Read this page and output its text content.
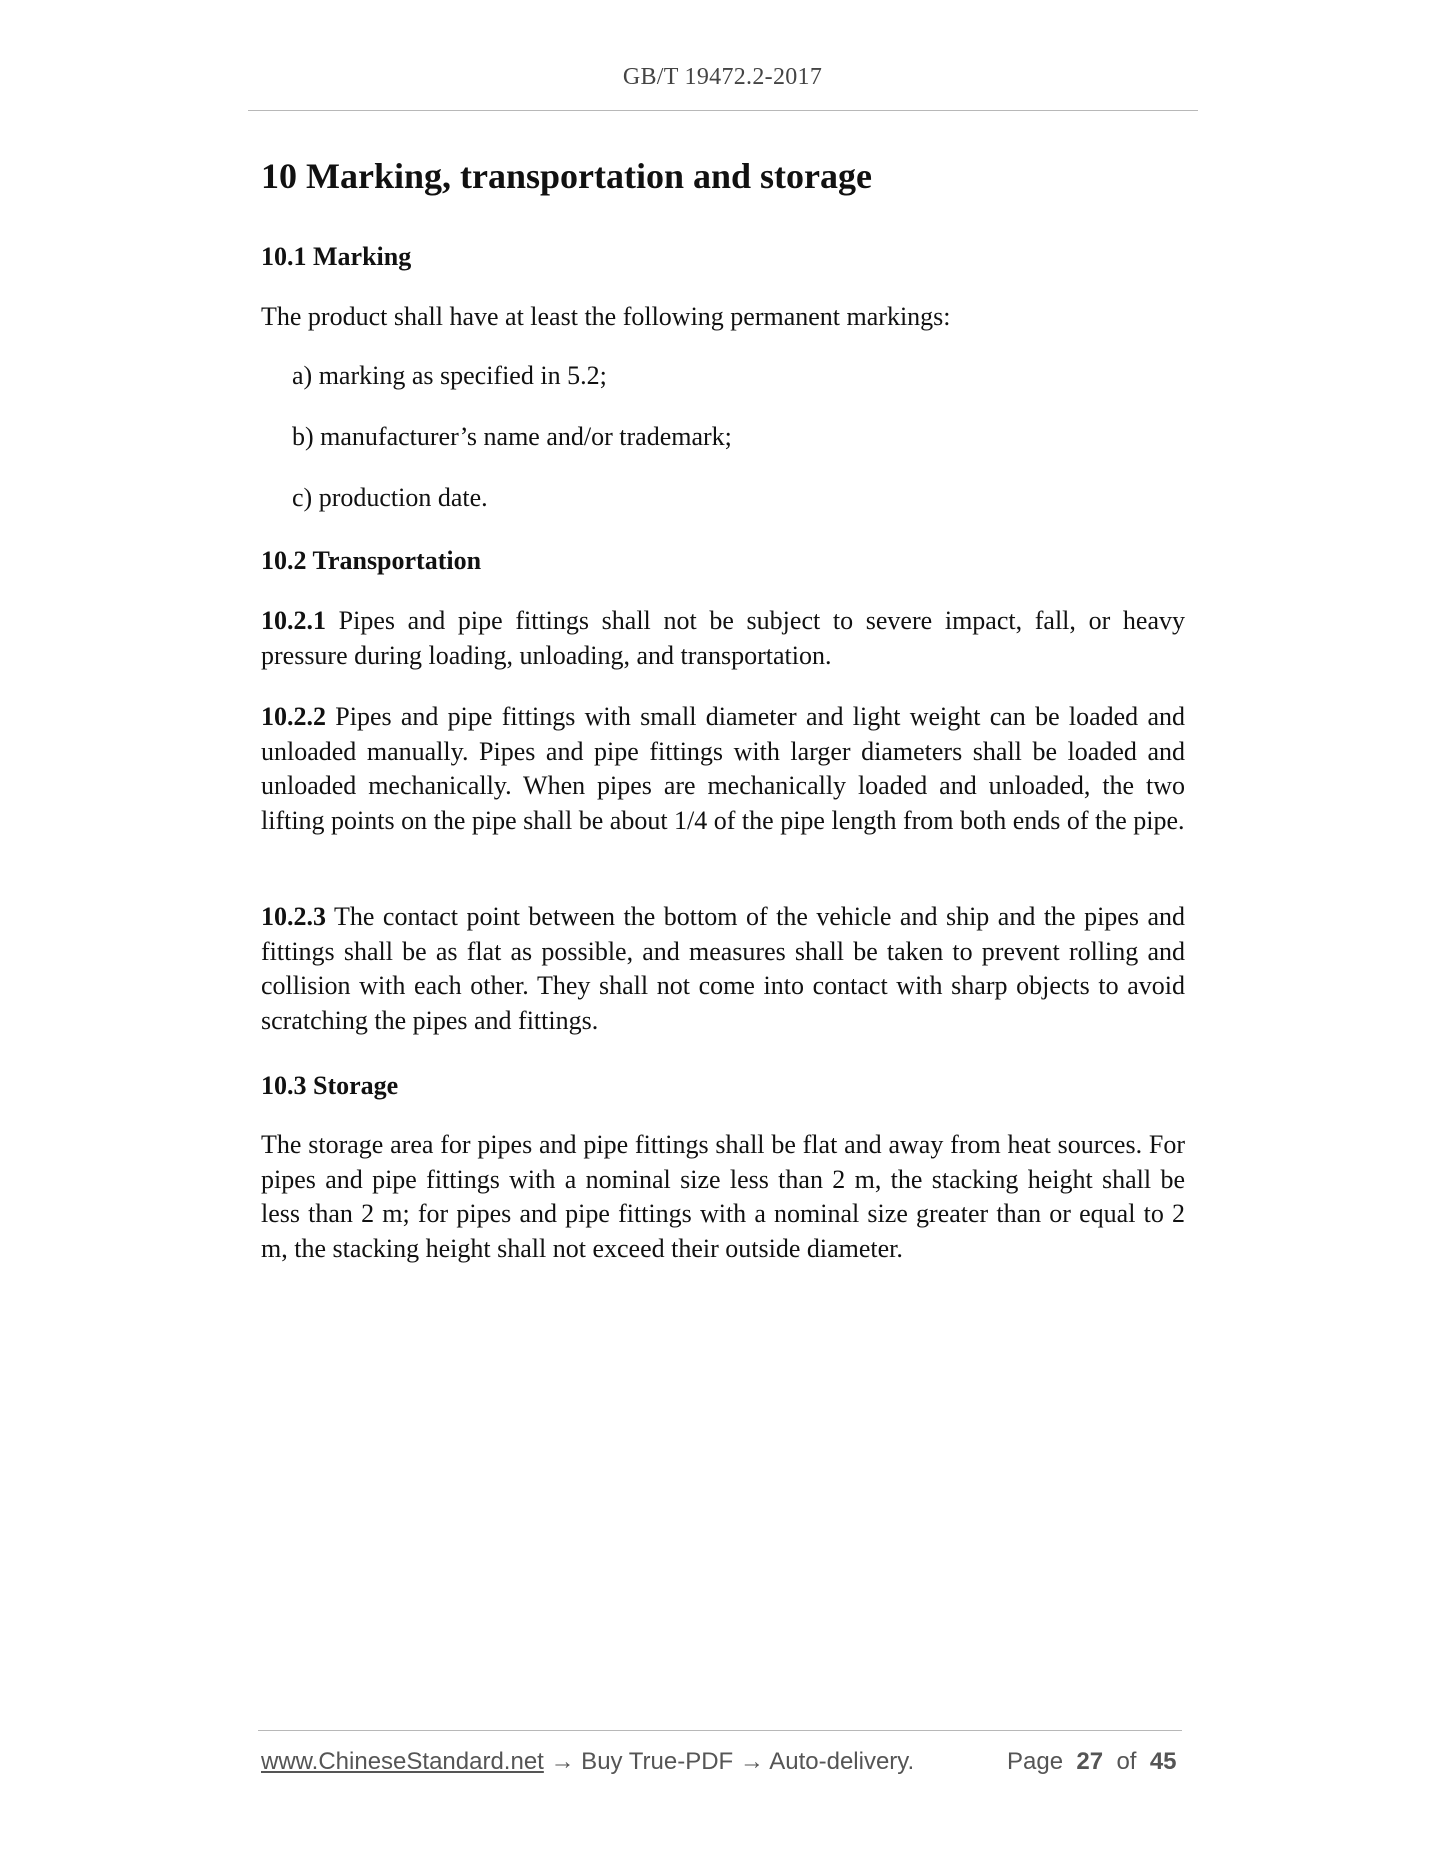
GB/T 19472.2-2017
10 Marking, transportation and storage
10.1 Marking
The product shall have at least the following permanent markings:
a) marking as specified in 5.2;
b) manufacturer’s name and/or trademark;
c) production date.
10.2 Transportation

10.2.1 Pipes and pipe fittings shall not be subject to severe impact, fall, or heavy pressure during loading, unloading, and transportation.

10.2.2 Pipes and pipe fittings with small diameter and light weight can be loaded and unloaded manually. Pipes and pipe fittings with larger diameters shall be loaded and unloaded mechanically. When pipes are mechanically loaded and unloaded, the two lifting points on the pipe shall be about 1/4 of the pipe length from both ends of the pipe.

10.2.3 The contact point between the bottom of the vehicle and ship and the pipes and fittings shall be as flat as possible, and measures shall be taken to prevent rolling and collision with each other. They shall not come into contact with sharp objects to avoid scratching the pipes and fittings.

10.3 Storage

The storage area for pipes and pipe fittings shall be flat and away from heat sources. For pipes and pipe fittings with a nominal size less than 2 m, the stacking height shall be less than 2 m; for pipes and pipe fittings with a nominal size greater than or equal to 2 m, the stacking height shall not exceed their outside diameter.

www.ChineseStandard.net → Buy True-PDF → Auto-delivery.	Page 27 of 45
